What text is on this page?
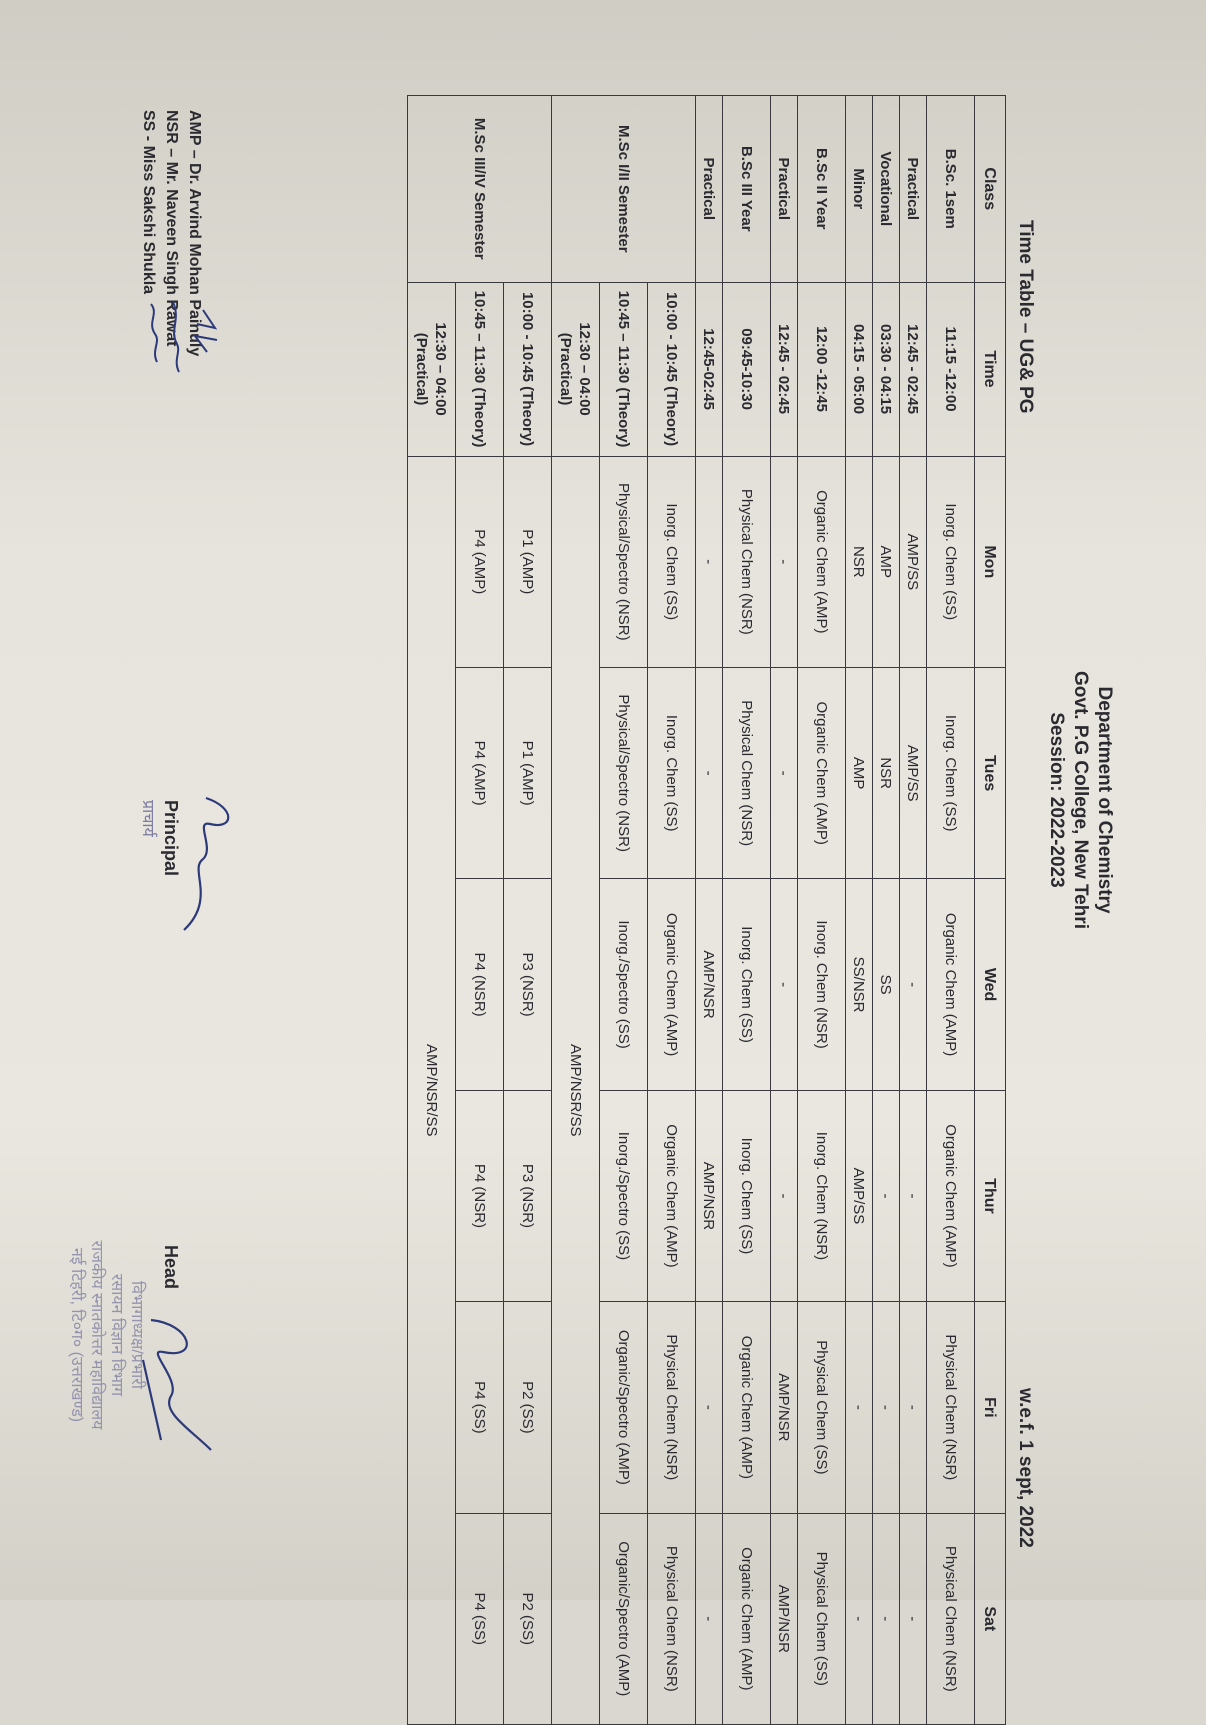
Department of Chemistry
Govt. P.G College, New Tehri
Session: 2022-2023
Time Table – UG& PG
w.e.f. 1 sept, 2022
Class	Time	Mon	Tues	Wed	Thur	Fri	Sat
B.Sc. 1sem	11:15 -12:00	Inorg. Chem (SS)	Inorg. Chem (SS)	Organic Chem (AMP)	Organic Chem (AMP)	Physical Chem (NSR)	Physical Chem (NSR)
Practical	12:45 - 02:45	AMP/SS	AMP/SS	-	-	-	-
Vocational	03:30 - 04:15	AMP	NSR	SS	-	-	-
Minor	04:15 - 05:00	NSR	AMP	SS/NSR	AMP/SS	-	-
B.Sc II Year	12:00 -12:45	Organic Chem (AMP)	Organic Chem (AMP)	Inorg. Chem (NSR)	Inorg. Chem (NSR)	Physical Chem (SS)	Physical Chem (SS)
Practical	12:45 - 02:45	-	-	-	-	AMP/NSR	AMP/NSR
B.Sc III Year	09:45-10:30	Physical Chem (NSR)	Physical Chem (NSR)	Inorg. Chem (SS)	Inorg. Chem (SS)	Organic Chem (AMP)	Organic Chem (AMP)
Practical	12:45-02:45	-	-	AMP/NSR	AMP/NSR	-	-
M.Sc I/II Semester	10:00 - 10:45 (Theory)	Inorg. Chem (SS)	Inorg. Chem (SS)	Organic Chem (AMP)	Organic Chem (AMP)	Physical Chem (NSR)	Physical Chem (NSR)
	10:45 – 11:30 (Theory)	Physical/Spectro (NSR)	Physical/Spectro (NSR)	Inorg./Spectro (SS)	Inorg./Spectro (SS)	Organic/Spectro (AMP)	Organic/Spectro (AMP)
	12:30 – 04:00 (Practical)	AMP/NSR/SS					
M.Sc III/IV Semester	10:00 - 10:45 (Theory)	P1 (AMP)	P1 (AMP)	P3 (NSR)	P3 (NSR)	P2 (SS)	P2 (SS)
	10:45 – 11:30 (Theory)	P4 (AMP)	P4 (AMP)	P4 (NSR)	P4 (NSR)	P4 (SS)	P4 (SS)
	12:30 – 04:00 (Practical)	AMP/NSR/SS					
AMP – Dr. Arvind Mohan Painuly
NSR – Mr. Naveen Singh Rawat
SS - Miss Sakshi Shukla
Principal
प्राचार्य
Head
विभागाध्यक्ष/प्रभारी
रसायन विज्ञान विभाग
राजकीय स्नातकोत्तर महाविद्यालय
नई टिहरी, टि०ग० (उत्तराखण्ड)
